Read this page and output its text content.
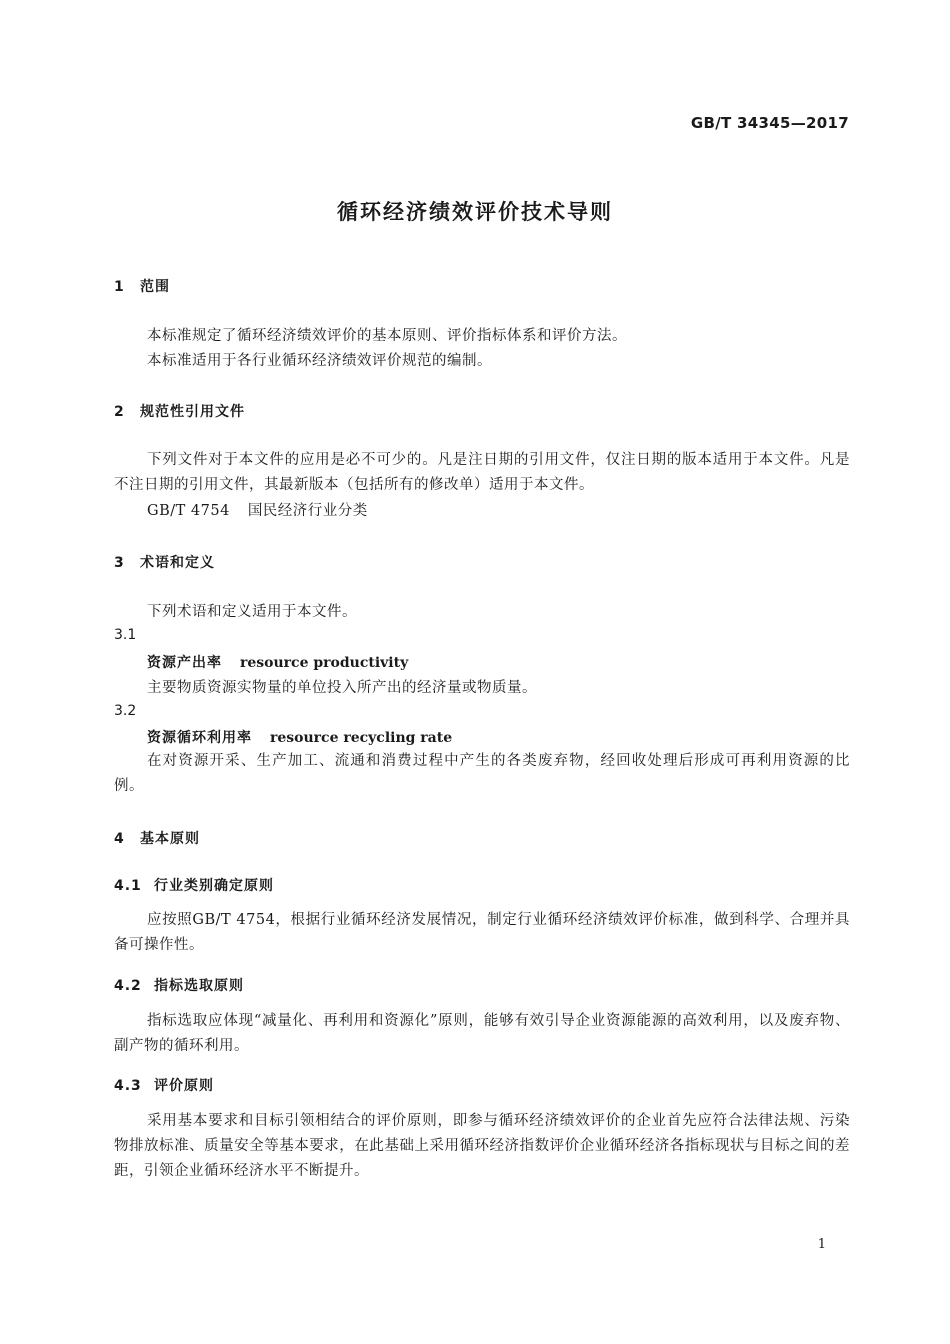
GB/T 34345—2017
循环经济绩效评价技术导则
1 范围

本标准规定了循环经济绩效评价的基本原则、评价指标体系和评价方法。

本标准适用于各行业循环经济绩效评价规范的编制。

2 规范性引用文件

下列文件对于本文件的应用是必不可少的。凡是注日期的引用文件，仅注日期的版本适用于本文件。凡是不注日期的引用文件，其最新版本（包括所有的修改单）适用于本文件。

GB/T 4754 国民经济行业分类
3 术语和定义

下列术语和定义适用于本文件。

3.1
资源产出率 resource productivity

主要物质资源实物量的单位投入所产出的经济量或物质量。

3.2
资源循环利用率 resource recycling rate

在对资源开采、生产加工、流通和消费过程中产生的各类废弃物，经回收处理后形成可再利用资源的比例。

4 基本原则
4.1 行业类别确定原则

应按照GB/T 4754，根据行业循环经济发展情况，制定行业循环经济绩效评价标准，做到科学、合理并具备可操作性。

4.2 指标选取原则

指标选取应体现“减量化、再利用和资源化”原则，能够有效引导企业资源能源的高效利用，以及废弃物、副产物的循环利用。

4.3 评价原则

采用基本要求和目标引领相结合的评价原则，即参与循环经济绩效评价的企业首先应符合法律法规、污染物排放标准、质量安全等基本要求，在此基础上采用循环经济指数评价企业循环经济各指标现状与目标之间的差距，引领企业循环经济水平不断提升。

1
